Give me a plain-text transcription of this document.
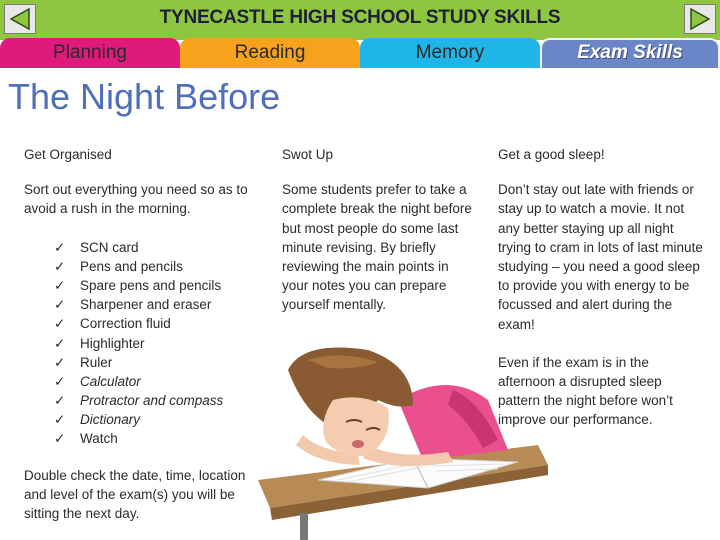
TYNECASTLE HIGH SCHOOL STUDY SKILLS
Planning	Reading	Memory	Exam Skills
The Night Before
Get Organised
Sort out everything you need so as to avoid a rush in the morning.
✓ SCN card
✓ Pens and pencils
✓ Spare pens and pencils
✓ Sharpener and eraser
✓ Correction fluid
✓ Highlighter
✓ Ruler
✓ Calculator
✓ Protractor and compass
✓ Dictionary
✓ Watch
Double check the date, time, location and level of the exam(s) you will be sitting the next day.
Swot Up
Some students prefer to take a complete break the night before but most people do some last minute revising. By briefly reviewing the main points in your notes you can prepare yourself mentally.
Get a good sleep!
Don’t stay out late with friends or stay up to watch a movie. It not any better staying up all night trying to cram in lots of last minute studying – you need a good sleep to provide you with energy to be focussed and alert during the exam!
Even if the exam is in the afternoon a disrupted sleep pattern the night before won’t improve our performance.
